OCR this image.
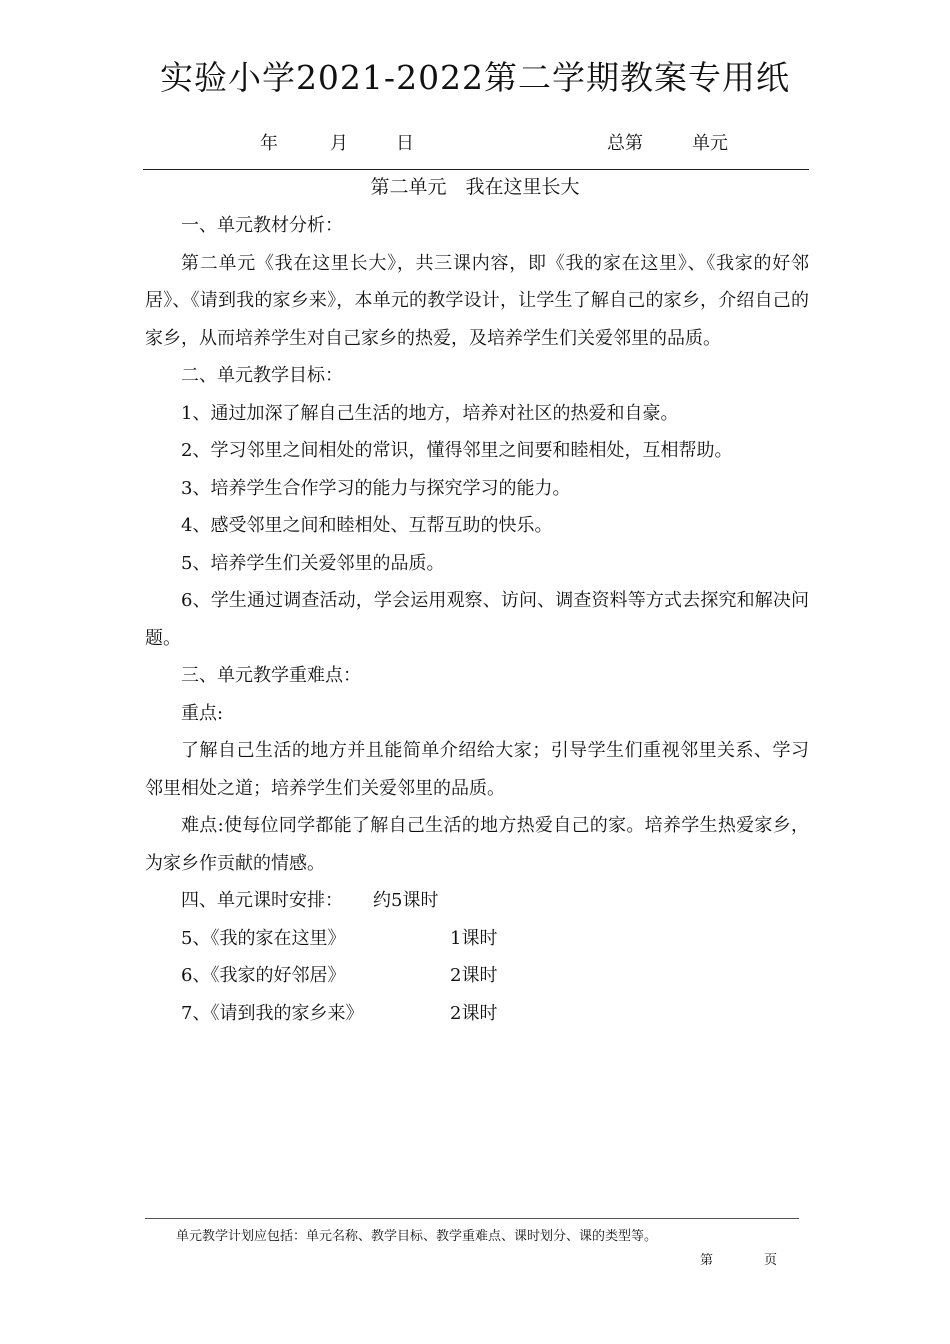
实验小学2021-2022第二学期教案专用纸
年	月	日	总第	单元
第二单元　我在这里长大

一、单元教材分析：

第二单元《我在这里长大》，共三课内容，即《我的家在这里》、《我家的好邻居》、《请到我的家乡来》，本单元的教学设计，让学生了解自己的家乡，介绍自己的家乡，从而培养学生对自己家乡的热爱，及培养学生们关爱邻里的品质。

二、单元教学目标：

1、通过加深了解自己生活的地方，培养对社区的热爱和自豪。

2、学习邻里之间相处的常识，懂得邻里之间要和睦相处，互相帮助。

3、培养学生合作学习的能力与探究学习的能力。

4、感受邻里之间和睦相处、互帮互助的快乐。

5、培养学生们关爱邻里的品质。

6、学生通过调查活动，学会运用观察、访问、调查资料等方式去探究和解决问题。

三、单元教学重难点：

重点:

了解自己生活的地方并且能简单介绍给大家；引导学生们重视邻里关系、学习邻里相处之道；培养学生们关爱邻里的品质。

难点:使每位同学都能了解自己生活的地方热爱自己的家。培养学生热爱家乡，为家乡作贡献的情感。

四、单元课时安排： 约5课时
5、《我的家在这里》	1课时
6、《我家的好邻居》	2课时
7、《请到我的家乡来》	2课时
单元教学计划应包括：单元名称、教学目标、教学重难点、课时划分、课的类型等。
第	页
